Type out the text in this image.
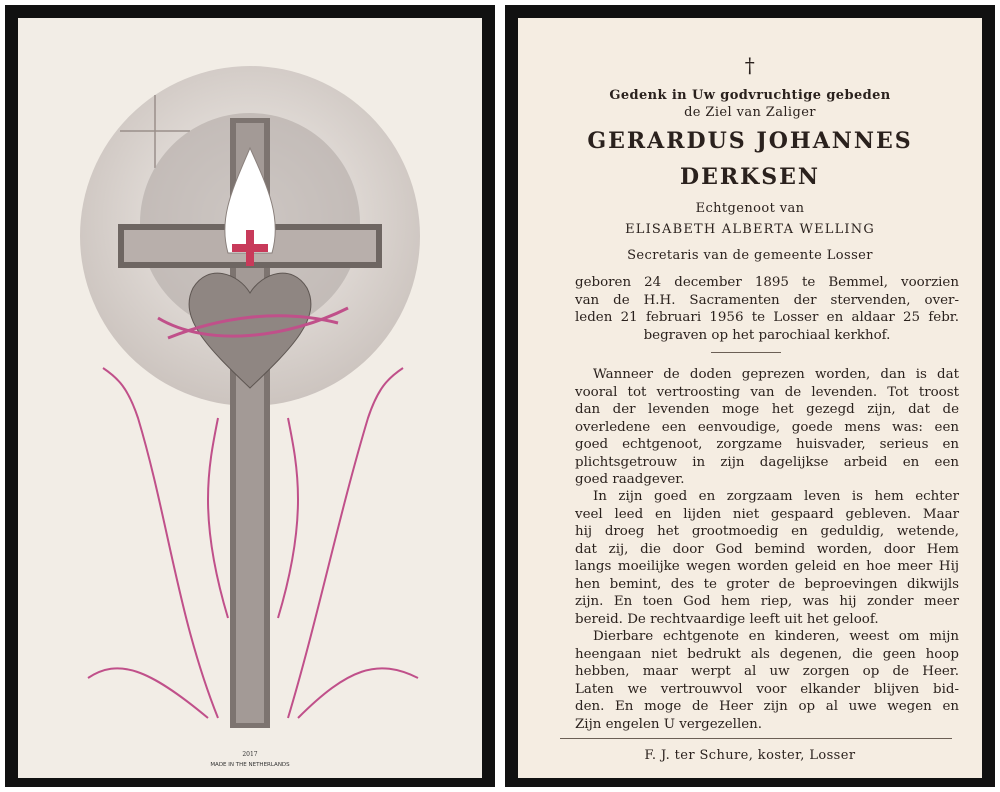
2017
MADE IN THE NETHERLANDS
†
Gedenk in Uw godvruchtige gebeden
de Ziel van Zaliger
GERARDUS JOHANNES
DERKSEN
Echtgenoot van
ELISABETH ALBERTA WELLING
Secretaris van de gemeente Losser
geboren 24 december 1895 te Bemmel, voorzien
van de H.H. Sacramenten der stervenden, over-
leden 21 februari 1956 te Losser en aldaar 25 febr.
begraven op het parochiaal kerkhof.
Wanneer de doden geprezen worden, dan is dat
vooral tot vertroosting van de levenden. Tot troost
dan der levenden moge het gezegd zijn, dat de
overledene een eenvoudige, goede mens was: een
goed echtgenoot, zorgzame huisvader, serieus en
plichtsgetrouw in zijn dagelijkse arbeid en een
goed raadgever.
In zijn goed en zorgzaam leven is hem echter
veel leed en lijden niet gespaard gebleven. Maar
hij droeg het grootmoedig en geduldig, wetende,
dat zij, die door God bemind worden, door Hem
langs moeilijke wegen worden geleid en hoe meer Hij
hen bemint, des te groter de beproevingen dikwijls
zijn. En toen God hem riep, was hij zonder meer
bereid. De rechtvaardige leeft uit het geloof.
Dierbare echtgenote en kinderen, weest om mijn
heengaan niet bedrukt als degenen, die geen hoop
hebben, maar werpt al uw zorgen op de Heer.
Laten we vertrouwvol voor elkander blijven bid-
den. En moge de Heer zijn op al uwe wegen en
Zijn engelen U vergezellen.
F. J. ter Schure, koster, Losser
